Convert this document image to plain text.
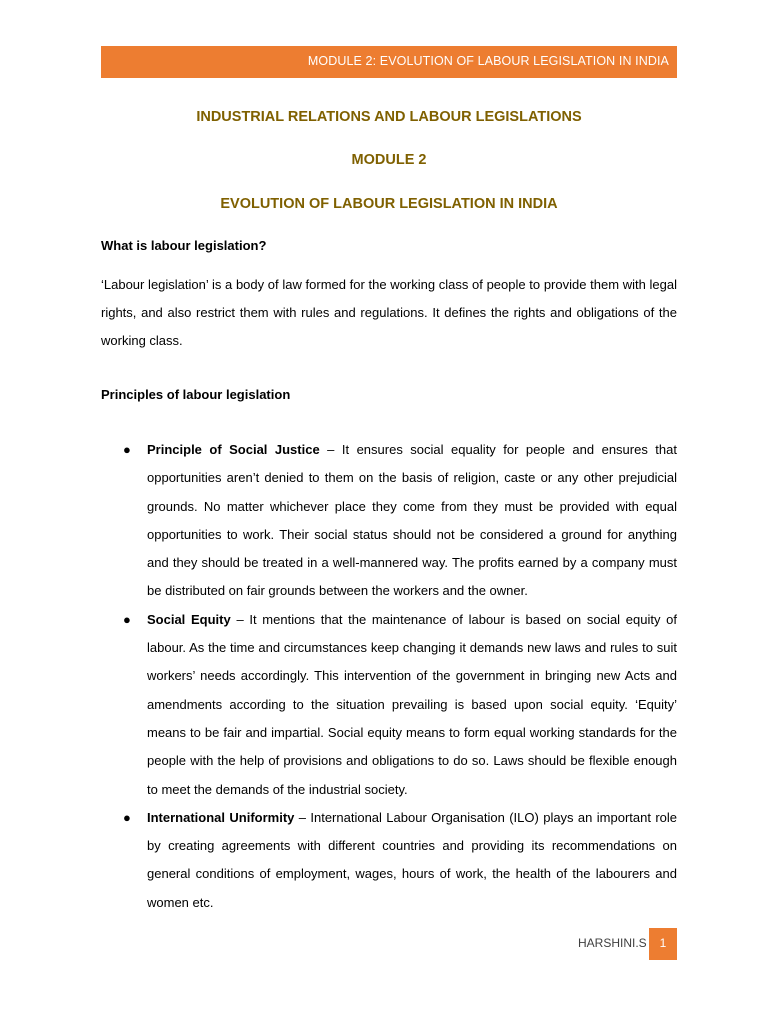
MODULE 2: EVOLUTION OF LABOUR LEGISLATION IN INDIA
INDUSTRIAL RELATIONS AND LABOUR LEGISLATIONS
MODULE 2
EVOLUTION OF LABOUR LEGISLATION IN INDIA
What is labour legislation?

‘Labour legislation’ is a body of law formed for the working class of people to provide them with legal rights, and also restrict them with rules and regulations. It defines the rights and obligations of the working class.

Principles of labour legislation
● Principle of Social Justice – It ensures social equality for people and ensures that opportunities aren’t denied to them on the basis of religion, caste or any other prejudicial grounds. No matter whichever place they come from they must be provided with equal opportunities to work. Their social status should not be considered a ground for anything and they should be treated in a well-mannered way. The profits earned by a company must be distributed on fair grounds between the workers and the owner.
● Social Equity – It mentions that the maintenance of labour is based on social equity of labour. As the time and circumstances keep changing it demands new laws and rules to suit workers’ needs accordingly. This intervention of the government in bringing new Acts and amendments according to the situation prevailing is based upon social equity. ‘Equity’ means to be fair and impartial. Social equity means to form equal working standards for the people with the help of provisions and obligations to do so. Laws should be flexible enough to meet the demands of the industrial society.
● International Uniformity – International Labour Organisation (ILO) plays an important role by creating agreements with different countries and providing its recommendations on general conditions of employment, wages, hours of work, the health of the labourers and women etc.
HARSHINI.S	1
